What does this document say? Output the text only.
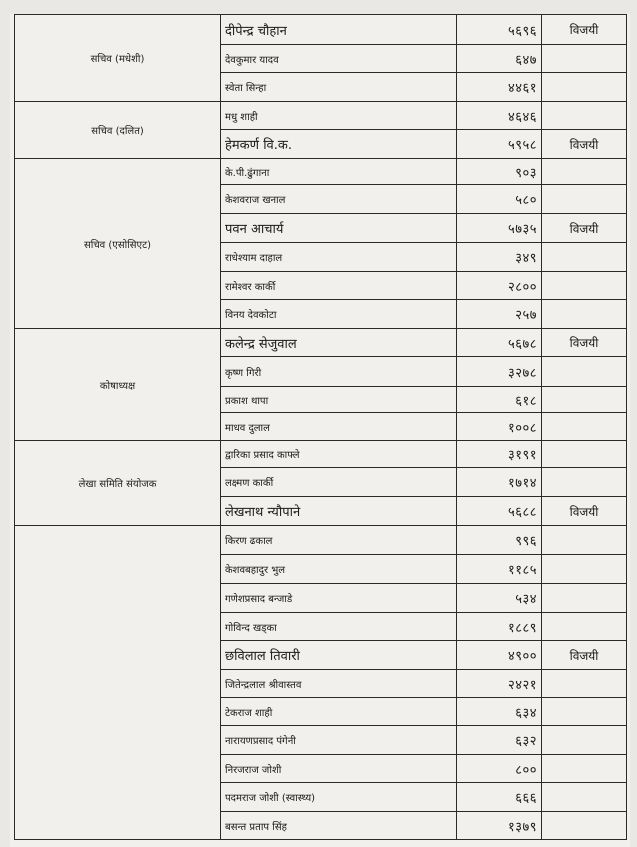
सचिव (मधेशी)	दीपेन्द्र चौहान	५६९६	विजयी
	देवकुमार यादव	६४७	
	स्वेता सिन्हा	४४६१	
सचिव (दलित)	मधु शाही	४६४६	
	हेमकर्ण वि.क.	५९५८	विजयी
सचिव (एसोसिएट)	के.पी.ढुंगाना	९०३	
	केशवराज खनाल	५८०	
	पवन आचार्य	५७३५	विजयी
	राधेश्याम दाहाल	३४९	
	रामेश्वर कार्की	२८००	
	विनय देवकोटा	२५७	
कोषाध्यक्ष	कलेन्द्र सेजुवाल	५६७८	विजयी
	कृष्ण गिरी	३२७८	
	प्रकाश थापा	६१८	
	माधव दुलाल	१००८	
लेखा समिति संयोजक	द्वारिका प्रसाद काफ्ले	३१९१	
	लक्ष्मण कार्की	१७१४	
	लेखनाथ न्यौपाने	५६८८	विजयी
	किरण ढकाल	९९६	
	केशवबहादुर भुल	११८५	
	गणेशप्रसाद बन्जाडे	५३४	
	गोविन्द खड्का	१८८९	
	छविलाल तिवारी	४९००	विजयी
	जितेन्द्रलाल श्रीवास्तव	२४२१	
	टेकराज शाही	६३४	
	नारायणप्रसाद पंगेनी	६३२	
	निरजराज जोशी	८००	
	पदमराज जोशी (स्वास्थ्य)	६६६	
	बसन्त प्रताप सिंह	१३७९	
